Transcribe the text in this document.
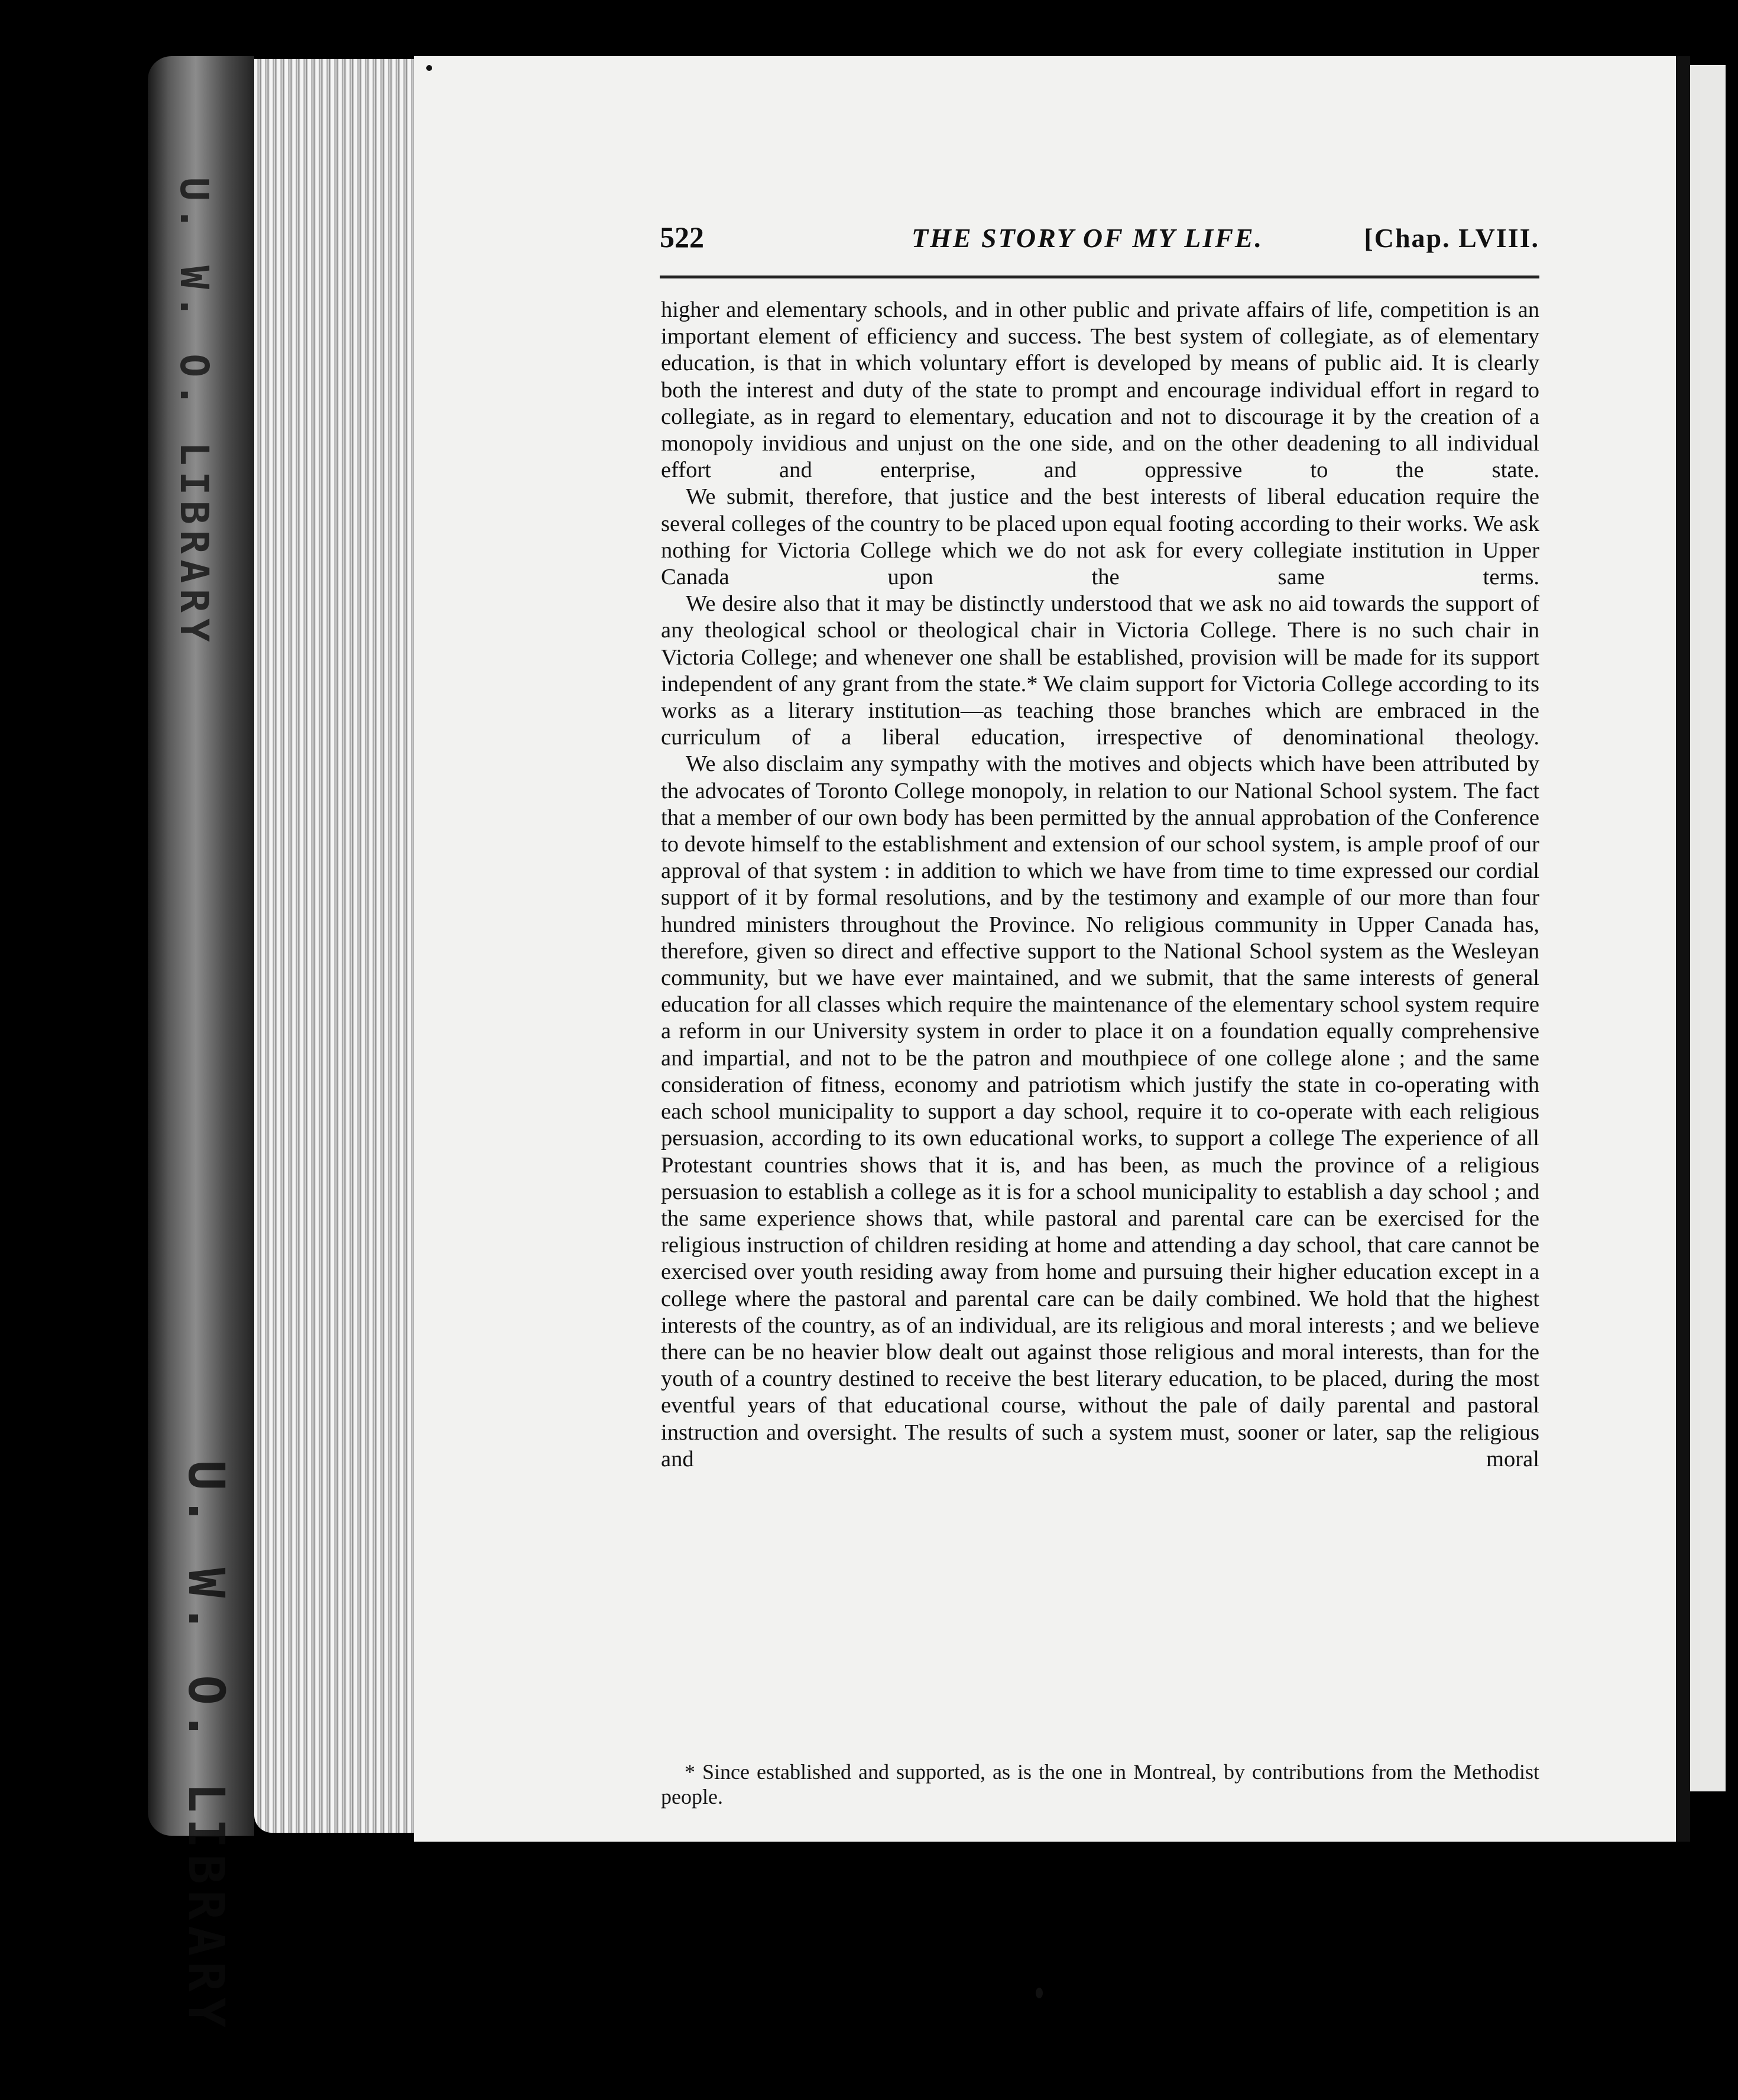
U. W. O. LIBRARY
U. W. O. LIBRARY
522	THE STORY OF MY LIFE.	[Chap. LVIII.

higher and elementary schools, and in other public and private affairs of life, competition is an important element of efficiency and success. The best system of collegiate, as of elementary education, is that in which voluntary effort is developed by means of public aid. It is clearly both the interest and duty of the state to prompt and encourage individual effort in regard to collegiate, as in regard to elementary, education and not to discourage it by the creation of a monopoly invidious and unjust on the one side, and on the other deadening to all individual effort and enterprise, and oppressive to the state.

We submit, therefore, that justice and the best interests of liberal education require the several colleges of the country to be placed upon equal footing according to their works. We ask nothing for Victoria College which we do not ask for every collegiate institution in Upper Canada upon the same terms.

We desire also that it may be distinctly understood that we ask no aid towards the support of any theological school or theological chair in Victoria College. There is no such chair in Victoria College; and whenever one shall be established, provision will be made for its support independent of any grant from the state.* We claim support for Victoria College according to its works as a literary institution—as teaching those branches which are embraced in the curriculum of a liberal education, irrespective of denominational theology.

We also disclaim any sympathy with the motives and objects which have been attributed by the advocates of Toronto College monopoly, in relation to our National School system. The fact that a member of our own body has been permitted by the annual approbation of the Conference to devote himself to the establishment and extension of our school system, is ample proof of our approval of that system : in addition to which we have from time to time expressed our cordial support of it by formal resolutions, and by the testimony and example of our more than four hundred ministers throughout the Province. No religious community in Upper Canada has, therefore, given so direct and effective support to the National School system as the Wesleyan community, but we have ever maintained, and we submit, that the same interests of general education for all classes which require the maintenance of the elementary school system require a reform in our University system in order to place it on a foundation equally comprehensive and impartial, and not to be the patron and mouthpiece of one college alone ; and the same consideration of fitness, economy and patriotism which justify the state in co-operating with each school municipality to support a day school, require it to co-operate with each religious persuasion, according to its own educational works, to support a college The experience of all Protestant countries shows that it is, and has been, as much the province of a religious persuasion to establish a college as it is for a school municipality to establish a day school ; and the same experience shows that, while pastoral and parental care can be exercised for the religious instruction of children residing at home and attending a day school, that care cannot be exercised over youth residing away from home and pursuing their higher education except in a college where the pastoral and parental care can be daily combined. We hold that the highest interests of the country, as of an individual, are its religious and moral interests ; and we believe there can be no heavier blow dealt out against those religious and moral interests, than for the youth of a country destined to receive the best literary education, to be placed, during the most eventful years of that educational course, without the pale of daily parental and pastoral instruction and oversight. The results of such a system must, sooner or later, sap the religious and moral

* Since established and supported, as is the one in Montreal, by contributions from the Methodist people.
